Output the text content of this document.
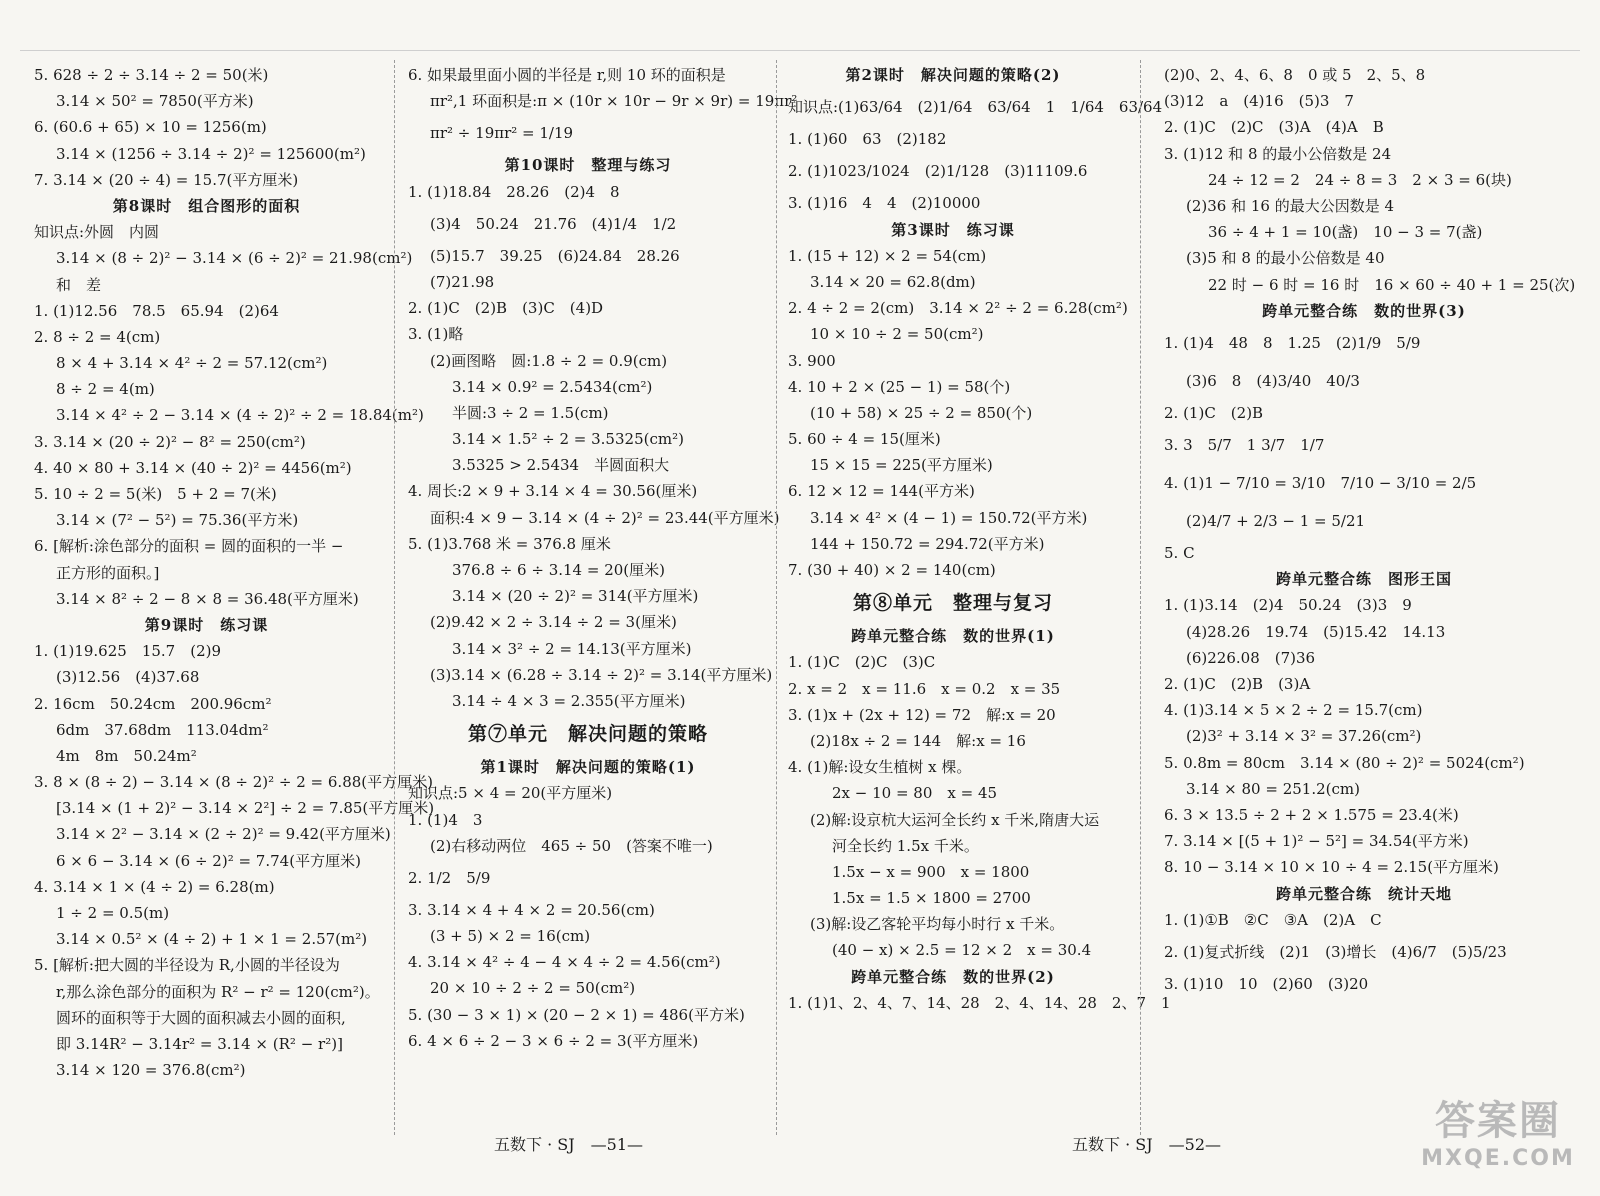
5. 628 ÷ 2 ÷ 3.14 ÷ 2 = 50(米)
3.14 × 50² = 7850(平方米)
6. (60.6 + 65) × 10 = 1256(m)
3.14 × (1256 ÷ 3.14 ÷ 2)² = 125600(m²)
7. 3.14 × (20 ÷ 4) = 15.7(平方厘米)
第8课时　组合图形的面积
知识点:外圆　内圆
3.14 × (8 ÷ 2)² − 3.14 × (6 ÷ 2)² = 21.98(cm²)
和　差
1. (1)12.56　78.5　65.94　(2)64
2. 8 ÷ 2 = 4(cm)
8 × 4 + 3.14 × 4² ÷ 2 = 57.12(cm²)
8 ÷ 2 = 4(m)
3.14 × 4² ÷ 2 − 3.14 × (4 ÷ 2)² ÷ 2 = 18.84(m²)
3. 3.14 × (20 ÷ 2)² − 8² = 250(cm²)
4. 40 × 80 + 3.14 × (40 ÷ 2)² = 4456(m²)
5. 10 ÷ 2 = 5(米)　5 + 2 = 7(米)
3.14 × (7² − 5²) = 75.36(平方米)
6. [解析:涂色部分的面积 = 圆的面积的一半 −
正方形的面积。]
3.14 × 8² ÷ 2 − 8 × 8 = 36.48(平方厘米)
第9课时　练习课
1. (1)19.625　15.7　(2)9
(3)12.56　(4)37.68
2. 16cm　50.24cm　200.96cm²
6dm　37.68dm　113.04dm²
4m　8m　50.24m²
3. 8 × (8 ÷ 2) − 3.14 × (8 ÷ 2)² ÷ 2 = 6.88(平方厘米)
[3.14 × (1 + 2)² − 3.14 × 2²] ÷ 2 = 7.85(平方厘米)
3.14 × 2² − 3.14 × (2 ÷ 2)² = 9.42(平方厘米)
6 × 6 − 3.14 × (6 ÷ 2)² = 7.74(平方厘米)
4. 3.14 × 1 × (4 ÷ 2) = 6.28(m)
1 ÷ 2 = 0.5(m)
3.14 × 0.5² × (4 ÷ 2) + 1 × 1 = 2.57(m²)
5. [解析:把大圆的半径设为 R,小圆的半径设为
r,那么涂色部分的面积为 R² − r² = 120(cm²)。
圆环的面积等于大圆的面积减去小圆的面积,
即 3.14R² − 3.14r² = 3.14 × (R² − r²)]
3.14 × 120 = 376.8(cm²)
6. 如果最里面小圆的半径是 r,则 10 环的面积是
πr²,1 环面积是:π × (10r × 10r − 9r × 9r) = 19πr²
πr² ÷ 19πr² = 1/19
第10课时　整理与练习
1. (1)18.84　28.26　(2)4　8
(3)4　50.24　21.76　(4)1/4　1/2
(5)15.7　39.25　(6)24.84　28.26
(7)21.98
2. (1)C　(2)B　(3)C　(4)D
3. (1)略
(2)画图略　圆:1.8 ÷ 2 = 0.9(cm)
3.14 × 0.9² = 2.5434(cm²)
半圆:3 ÷ 2 = 1.5(cm)
3.14 × 1.5² ÷ 2 = 3.5325(cm²)
3.5325 > 2.5434　半圆面积大
4. 周长:2 × 9 + 3.14 × 4 = 30.56(厘米)
面积:4 × 9 − 3.14 × (4 ÷ 2)² = 23.44(平方厘米)
5. (1)3.768 米 = 376.8 厘米
376.8 ÷ 6 ÷ 3.14 = 20(厘米)
3.14 × (20 ÷ 2)² = 314(平方厘米)
(2)9.42 × 2 ÷ 3.14 ÷ 2 = 3(厘米)
3.14 × 3² ÷ 2 = 14.13(平方厘米)
(3)3.14 × (6.28 ÷ 3.14 ÷ 2)² = 3.14(平方厘米)
3.14 ÷ 4 × 3 = 2.355(平方厘米)
第⑦单元　解决问题的策略
第1课时　解决问题的策略(1)
知识点:5 × 4 = 20(平方厘米)
1. (1)4　3
(2)右移动两位　465 ÷ 50　(答案不唯一)
2. 1/2　5/9
3. 3.14 × 4 + 4 × 2 = 20.56(cm)
(3 + 5) × 2 = 16(cm)
4. 3.14 × 4² ÷ 4 − 4 × 4 ÷ 2 = 4.56(cm²)
20 × 10 ÷ 2 ÷ 2 = 50(cm²)
5. (30 − 3 × 1) × (20 − 2 × 1) = 486(平方米)
6. 4 × 6 ÷ 2 − 3 × 6 ÷ 2 = 3(平方厘米)
第2课时　解决问题的策略(2)
知识点:(1)63/64　(2)1/64　63/64　1　1/64　63/64
1. (1)60　63　(2)182
2. (1)1023/1024　(2)1/128　(3)11109.6
3. (1)16　4　4　(2)10000
第3课时　练习课
1. (15 + 12) × 2 = 54(cm)
3.14 × 20 = 62.8(dm)
2. 4 ÷ 2 = 2(cm)　3.14 × 2² ÷ 2 = 6.28(cm²)
10 × 10 ÷ 2 = 50(cm²)
3. 900
4. 10 + 2 × (25 − 1) = 58(个)
(10 + 58) × 25 ÷ 2 = 850(个)
5. 60 ÷ 4 = 15(厘米)
15 × 15 = 225(平方厘米)
6. 12 × 12 = 144(平方米)
3.14 × 4² × (4 − 1) = 150.72(平方米)
144 + 150.72 = 294.72(平方米)
7. (30 + 40) × 2 = 140(cm)
第⑧单元　整理与复习
跨单元整合练　数的世界(1)
1. (1)C　(2)C　(3)C
2. x = 2　x = 11.6　x = 0.2　x = 35
3. (1)x + (2x + 12) = 72　解:x = 20
(2)18x ÷ 2 = 144　解:x = 16
4. (1)解:设女生植树 x 棵。
2x − 10 = 80　x = 45
(2)解:设京杭大运河全长约 x 千米,隋唐大运
河全长约 1.5x 千米。
1.5x − x = 900　x = 1800
1.5x = 1.5 × 1800 = 2700
(3)解:设乙客轮平均每小时行 x 千米。
(40 − x) × 2.5 = 12 × 2　x = 30.4
跨单元整合练　数的世界(2)
1. (1)1、2、4、7、14、28　2、4、14、28　2、7　1
(2)0、2、4、6、8　0 或 5　2、5、8
(3)12　a　(4)16　(5)3　7
2. (1)C　(2)C　(3)A　(4)A　B
3. (1)12 和 8 的最小公倍数是 24
24 ÷ 12 = 2　24 ÷ 8 = 3　2 × 3 = 6(块)
(2)36 和 16 的最大公因数是 4
36 ÷ 4 + 1 = 10(盏)　10 − 3 = 7(盏)
(3)5 和 8 的最小公倍数是 40
22 时 − 6 时 = 16 时　16 × 60 ÷ 40 + 1 = 25(次)
跨单元整合练　数的世界(3)
1. (1)4　48　8　1.25　(2)1/9　5/9
(3)6　8　(4)3/40　40/3
2. (1)C　(2)B
3. 3　5/7　1 3/7　1/7
4. (1)1 − 7/10 = 3/10　7/10 − 3/10 = 2/5
(2)4/7 + 2/3 − 1 = 5/21
5. C
跨单元整合练　图形王国
1. (1)3.14　(2)4　50.24　(3)3　9
(4)28.26　19.74　(5)15.42　14.13
(6)226.08　(7)36
2. (1)C　(2)B　(3)A
4. (1)3.14 × 5 × 2 ÷ 2 = 15.7(cm)
(2)3² + 3.14 × 3² = 37.26(cm²)
5. 0.8m = 80cm　3.14 × (80 ÷ 2)² = 5024(cm²)
3.14 × 80 = 251.2(cm)
6. 3 × 13.5 ÷ 2 + 2 × 1.575 = 23.4(米)
7. 3.14 × [(5 + 1)² − 5²] = 34.54(平方米)
8. 10 − 3.14 × 10 × 10 ÷ 4 = 2.15(平方厘米)
跨单元整合练　统计天地
1. (1)①B　②C　③A　(2)A　C
2. (1)复式折线　(2)1　(3)增长　(4)6/7　(5)5/23
3. (1)10　10　(2)60　(3)20
五数下 · SJ　—51—	五数下 · SJ　—52—
答案圈
MXQE.COM
